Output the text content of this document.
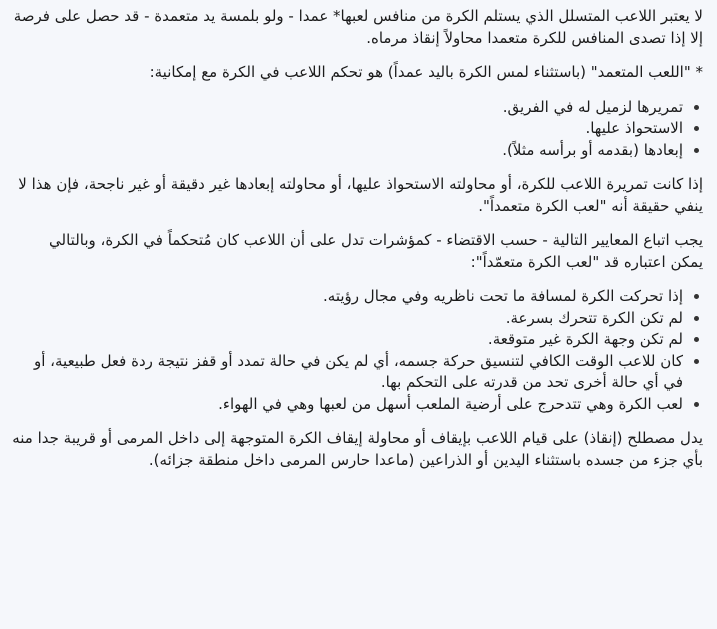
لا يعتبر اللاعب المتسلل الذي يستلم الكرة من منافس لعبها* عمدا - ولو بلمسة يد متعمدة - قد حصل على فرصة إلا إذا تصدى المنافس للكرة متعمدا محاولاً إنقاذ مرماه.

* "اللعب المتعمد" (باستثناء لمس الكرة باليد عمداً) هو تحكم اللاعب في الكرة مع إمكانية:

• تمريرها لزميل له في الفريق.
• الاستحواذ عليها.
• إبعادها (بقدمه أو برأسه مثلاً).

إذا كانت تمريرة اللاعب للكرة، أو محاولته الاستحواذ عليها، أو محاولته إبعادها غير دقيقة أو غير ناجحة، فإن هذا لا ينفي حقيقة أنه "لعب الكرة متعمداً".

يجب اتباع المعايير التالية - حسب الاقتضاء - كمؤشرات تدل على أن اللاعب كان مُتحكماً في الكرة، وبالتالي يمكن اعتباره قد "لعب الكرة متعمّداً":

• إذا تحركت الكرة لمسافة ما تحت ناظريه وفي مجال رؤيته.
• لم تكن الكرة تتحرك بسرعة.
• لم تكن وجهة الكرة غير متوقعة.
• كان للاعب الوقت الكافي لتنسيق حركة جسمه، أي لم يكن في حالة تمدد أو قفز نتيجة ردة فعل طبيعية، أو في أي حالة أخرى تحد من قدرته على التحكم بها.
• لعب الكرة وهي تتدحرج على أرضية الملعب أسهل من لعبها وهي في الهواء.

يدل مصطلح (إنقاذ) على قيام اللاعب بإيقاف أو محاولة إيقاف الكرة المتوجهة إلى داخل المرمى أو قريبة جدا منه بأي جزء من جسده باستثناء اليدين أو الذراعين (ماعدا حارس المرمى داخل منطقة جزائه).
